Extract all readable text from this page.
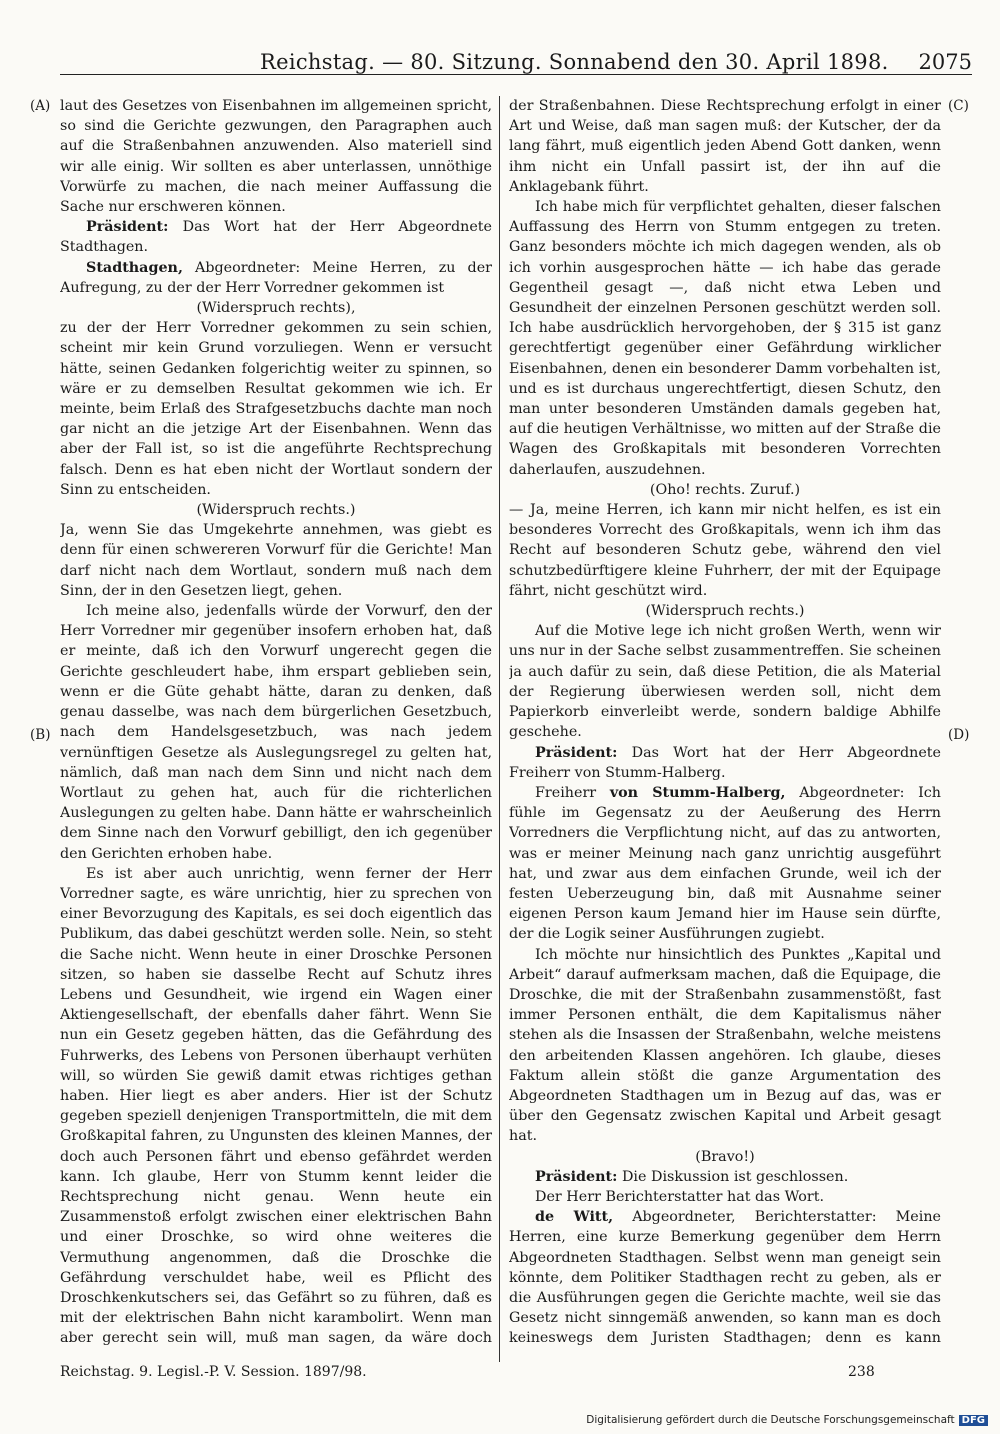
Reichstag. — 80. Sitzung. Sonnabend den 30. April 1898. 2075
(A)
(B)
(C)
(D)

laut des Gesetzes von Eisenbahnen im allgemeinen spricht, so sind die Gerichte gezwungen, den Paragraphen auch auf die Straßenbahnen anzuwenden. Also materiell sind wir alle einig. Wir sollten es aber unterlassen, unnöthige Vorwürfe zu machen, die nach meiner Auffassung die Sache nur erschweren können.

Präsident: Das Wort hat der Herr Abgeordnete Stadthagen.

Stadthagen, Abgeordneter: Meine Herren, zu der Aufregung, zu der der Herr Vorredner gekommen ist

(Widerspruch rechts),

zu der der Herr Vorredner gekommen zu sein schien, scheint mir kein Grund vorzuliegen. Wenn er versucht hätte, seinen Gedanken folgerichtig weiter zu spinnen, so wäre er zu demselben Resultat gekommen wie ich. Er meinte, beim Erlaß des Strafgesetzbuchs dachte man noch gar nicht an die jetzige Art der Eisenbahnen. Wenn das aber der Fall ist, so ist die angeführte Rechtsprechung falsch. Denn es hat eben nicht der Wortlaut sondern der Sinn zu entscheiden.

(Widerspruch rechts.)

Ja, wenn Sie das Umgekehrte annehmen, was giebt es denn für einen schwereren Vorwurf für die Gerichte! Man darf nicht nach dem Wortlaut, sondern muß nach dem Sinn, der in den Gesetzen liegt, gehen.

Ich meine also, jedenfalls würde der Vorwurf, den der Herr Vorredner mir gegenüber insofern erhoben hat, daß er meinte, daß ich den Vorwurf ungerecht gegen die Gerichte geschleudert habe, ihm erspart geblieben sein, wenn er die Güte gehabt hätte, daran zu denken, daß genau dasselbe, was nach dem bürgerlichen Gesetzbuch, nach dem Handelsgesetzbuch, was nach jedem vernünftigen Gesetze als Auslegungsregel zu gelten hat, nämlich, daß man nach dem Sinn und nicht nach dem Wortlaut zu gehen hat, auch für die richterlichen Auslegungen zu gelten habe. Dann hätte er wahrscheinlich dem Sinne nach den Vorwurf gebilligt, den ich gegenüber den Gerichten erhoben habe.

Es ist aber auch unrichtig, wenn ferner der Herr Vorredner sagte, es wäre unrichtig, hier zu sprechen von einer Bevorzugung des Kapitals, es sei doch eigentlich das Publikum, das dabei geschützt werden solle. Nein, so steht die Sache nicht. Wenn heute in einer Droschke Personen sitzen, so haben sie dasselbe Recht auf Schutz ihres Lebens und Gesundheit, wie irgend ein Wagen einer Aktiengesellschaft, der ebenfalls daher fährt. Wenn Sie nun ein Gesetz gegeben hätten, das die Gefährdung des Fuhrwerks, des Lebens von Personen überhaupt verhüten will, so würden Sie gewiß damit etwas richtiges gethan haben. Hier liegt es aber anders. Hier ist der Schutz gegeben speziell denjenigen Transportmitteln, die mit dem Großkapital fahren, zu Ungunsten des kleinen Mannes, der doch auch Personen fährt und ebenso gefährdet werden kann. Ich glaube, Herr von Stumm kennt leider die Rechtsprechung nicht genau. Wenn heute ein Zusammenstoß erfolgt zwischen einer elektrischen Bahn und einer Droschke, so wird ohne weiteres die Vermuthung angenommen, daß die Droschke die Gefährdung verschuldet habe, weil es Pflicht des Droschkenkutschers sei, das Gefährt so zu führen, daß es mit der elektrischen Bahn nicht karambolirt. Wenn man aber gerecht sein will, muß man sagen, da wäre doch

der Straßenbahnen. Diese Rechtsprechung erfolgt in einer Art und Weise, daß man sagen muß: der Kutscher, der da lang fährt, muß eigentlich jeden Abend Gott danken, wenn ihm nicht ein Unfall passirt ist, der ihn auf die Anklagebank führt.

Ich habe mich für verpflichtet gehalten, dieser falschen Auffassung des Herrn von Stumm entgegen zu treten. Ganz besonders möchte ich mich dagegen wenden, als ob ich vorhin ausgesprochen hätte — ich habe das gerade Gegentheil gesagt —, daß nicht etwa Leben und Gesundheit der einzelnen Personen geschützt werden soll. Ich habe ausdrücklich hervorgehoben, der § 315 ist ganz gerechtfertigt gegenüber einer Gefährdung wirklicher Eisenbahnen, denen ein besonderer Damm vorbehalten ist, und es ist durchaus ungerechtfertigt, diesen Schutz, den man unter besonderen Umständen damals gegeben hat, auf die heutigen Verhältnisse, wo mitten auf der Straße die Wagen des Großkapitals mit besonderen Vorrechten daherlaufen, auszudehnen.

(Oho! rechts. Zuruf.)

— Ja, meine Herren, ich kann mir nicht helfen, es ist ein besonderes Vorrecht des Großkapitals, wenn ich ihm das Recht auf besonderen Schutz gebe, während den viel schutzbedürftigere kleine Fuhrherr, der mit der Equipage fährt, nicht geschützt wird.

(Widerspruch rechts.)

Auf die Motive lege ich nicht großen Werth, wenn wir uns nur in der Sache selbst zusammentreffen. Sie scheinen ja auch dafür zu sein, daß diese Petition, die als Material der Regierung überwiesen werden soll, nicht dem Papierkorb einverleibt werde, sondern baldige Abhilfe geschehe.

Präsident: Das Wort hat der Herr Abgeordnete Freiherr von Stumm-Halberg.

Freiherr von Stumm-Halberg, Abgeordneter: Ich fühle im Gegensatz zu der Aeußerung des Herrn Vorredners die Verpflichtung nicht, auf das zu antworten, was er meiner Meinung nach ganz unrichtig ausgeführt hat, und zwar aus dem einfachen Grunde, weil ich der festen Ueberzeugung bin, daß mit Ausnahme seiner eigenen Person kaum Jemand hier im Hause sein dürfte, der die Logik seiner Ausführungen zugiebt.

Ich möchte nur hinsichtlich des Punktes „Kapital und Arbeit“ darauf aufmerksam machen, daß die Equipage, die Droschke, die mit der Straßenbahn zusammenstößt, fast immer Personen enthält, die dem Kapitalismus näher stehen als die Insassen der Straßenbahn, welche meistens den arbeitenden Klassen angehören. Ich glaube, dieses Faktum allein stößt die ganze Argumentation des Abgeordneten Stadthagen um in Bezug auf das, was er über den Gegensatz zwischen Kapital und Arbeit gesagt hat.

(Bravo!)

Präsident: Die Diskussion ist geschlossen.

Der Herr Berichterstatter hat das Wort.

de Witt, Abgeordneter, Berichterstatter: Meine Herren, eine kurze Bemerkung gegenüber dem Herrn Abgeordneten Stadthagen. Selbst wenn man geneigt sein könnte, dem Politiker Stadthagen recht zu geben, als er die Ausführungen gegen die Gerichte machte, weil sie das Gesetz nicht sinngemäß anwenden, so kann man es doch keineswegs dem Juristen Stadthagen; denn es kann

Reichstag. 9. Legisl.-P. V. Session. 1897/98.	238
Digitalisierung gefördert durch die Deutsche Forschungsgemeinschaft DFG
